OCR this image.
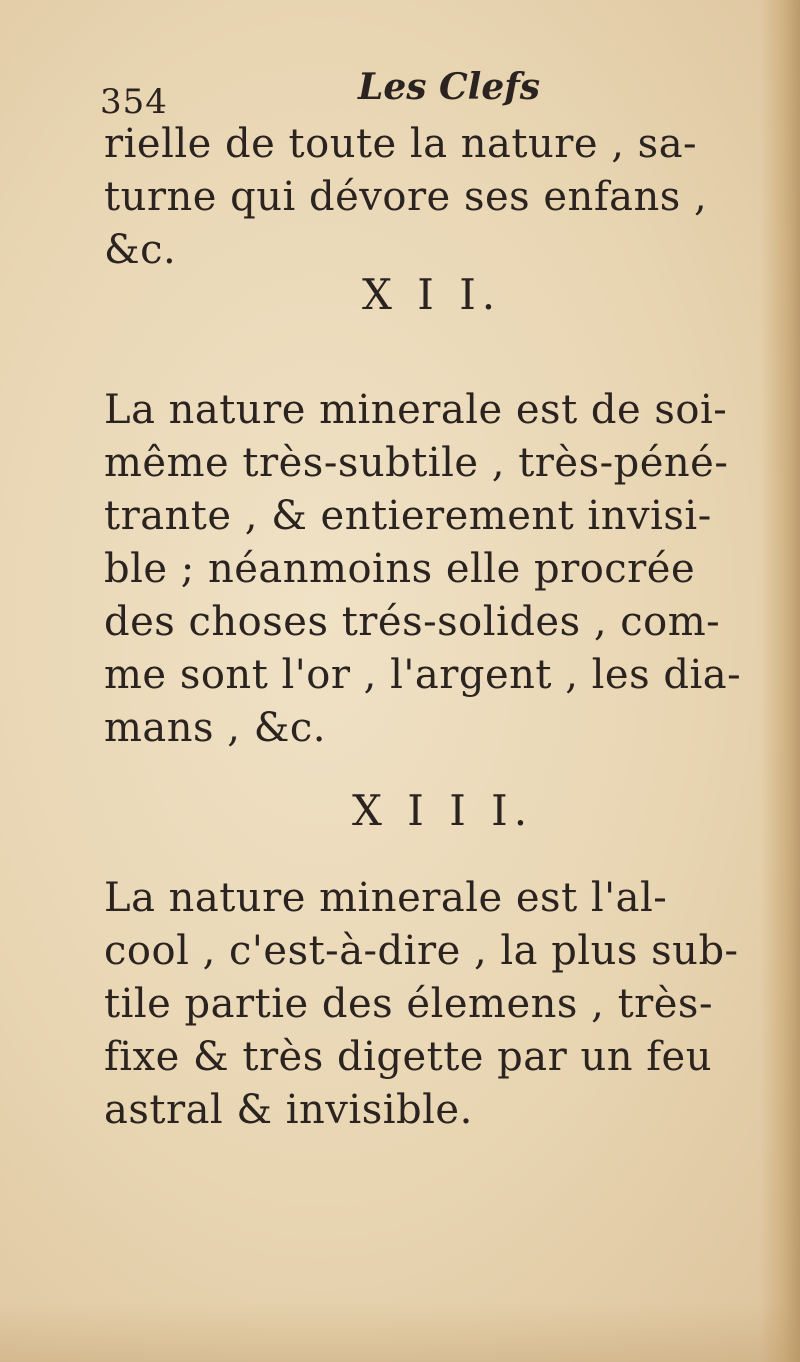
354	Les Clefs
rielle de toute la nature , sa-
turne qui dévore ses enfans ,
&c.
X I I.
La nature minerale est de soi-
même très-subtile , très-péné-
trante , & entierement invisi-
ble ; néanmoins elle procrée
des choses trés-solides , com-
me sont l'or , l'argent , les dia-
mans , &c.
X I I I.
La nature minerale est l'al-
cool , c'est-à-dire , la plus sub-
tile partie des élemens , très-
fixe & très digette par un feu
astral & invisible.
